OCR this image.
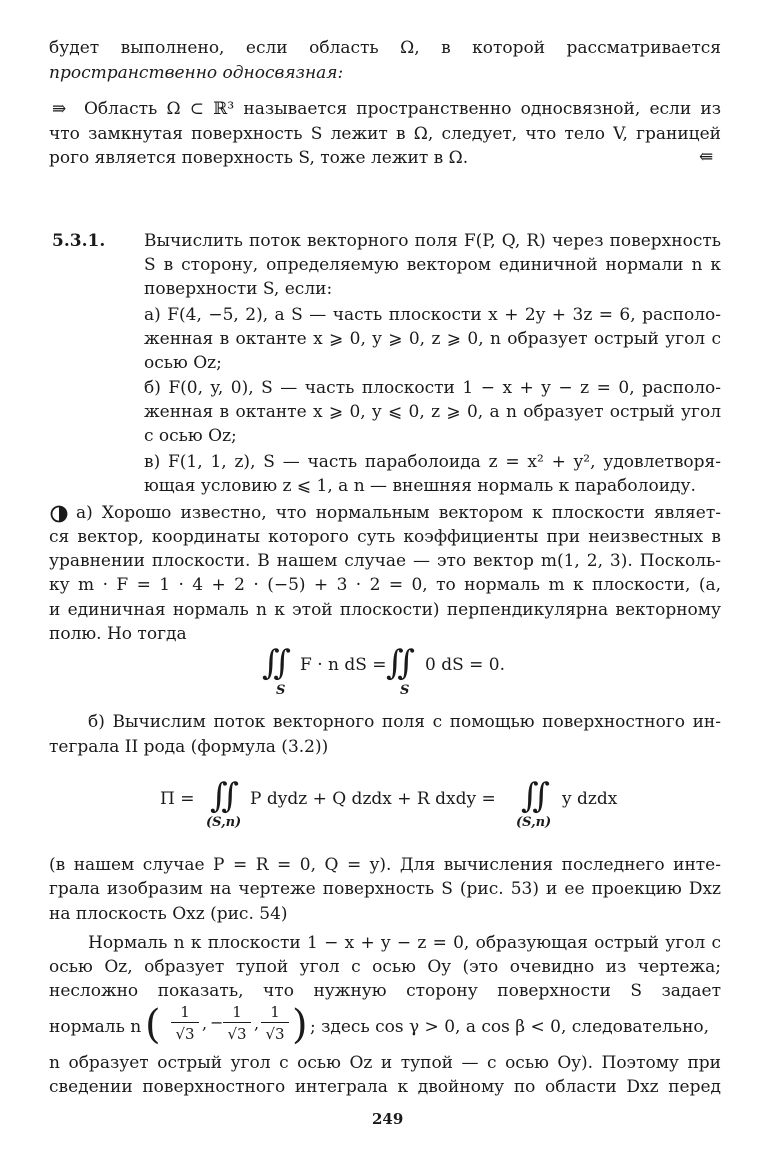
будет выполнено, если область Ω, в которой рассматривается
пространственно односвязная:
⇛ Область Ω ⊂ ℝ³ называется пространственно односвязной, если из
что замкнутая поверхность S лежит в Ω, следует, что тело V, границей
рого является поверхность S, тоже лежит в Ω.	⇚
5.3.1. Вычислить поток векторного поля F(P, Q, R) через поверхность
S в сторону, определяемую вектором единичной нормали n к
поверхности S, если:
а) F(4, −5, 2), а S — часть плоскости x + 2y + 3z = 6, располо-
женная в октанте x ⩾ 0, y ⩾ 0, z ⩾ 0, n образует острый угол с
осью Oz;
б) F(0, y, 0), S — часть плоскости 1 − x + y − z = 0, располо-
женная в октанте x ⩾ 0, y ⩽ 0, z ⩾ 0, а n образует острый угол
с осью Oz;
в) F(1, 1, z), S — часть параболоида z = x² + y², удовлетворя-
ющая условию z ⩽ 1, а n — внешняя нормаль к параболоиду.
а) Хорошо известно, что нормальным вектором к плоскости являет-
ся вектор, координаты которого суть коэффициенты при неизвестных в
уравнении плоскости. В нашем случае — это вектор m(1, 2, 3). Посколь-
ку m · F = 1 · 4 + 2 · (−5) + 3 · 2 = 0, то нормаль m к плоскости, (а,
и единичная нормаль n к этой плоскости) перпендикулярна векторному
полю. Но тогда
∬ F · n dS =
S
∬ 0 dS = 0.
S
б) Вычислим поток векторного поля с помощью поверхностного ин-
теграла II рода (формула (3.2))
Π = ∬ P dydz + Q dzdx + R dxdy =
(S,n)
∬ y dzdx
(S,n)
(в нашем случае P = R = 0, Q = y). Для вычисления последнего инте-
грала изобразим на чертеже поверхность S (рис. 53) и ее проекцию Dxz
на плоскость Oxz (рис. 54)
Нормаль n к плоскости 1 − x + y − z = 0, образующая острый угол с
осью Oz, образует тупой угол с осью Oy (это очевидно из чертежа;
несложно показать, что нужную сторону поверхности S задает
нормаль n (	1
√3
, −
1
√3
,
1
√3 ) ; здесь cos γ > 0, а cos β < 0, следовательно,
n образует острый угол с осью Oz и тупой — с осью Oy). Поэтому при
сведении поверхностного интеграла к двойному по области Dxz перед
249
